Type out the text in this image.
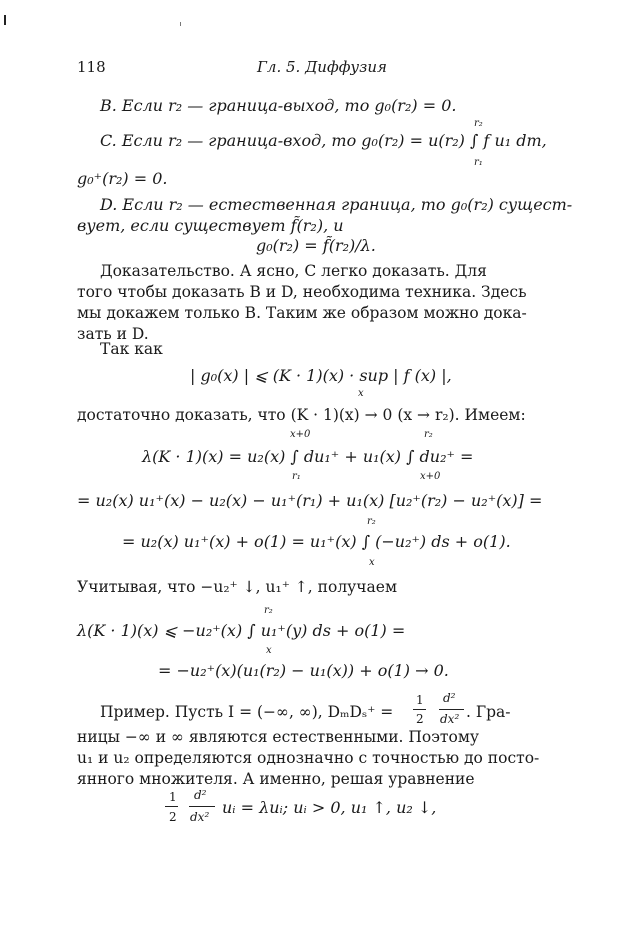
118	Гл. 5. Диффузия
B. Если r₂ — граница-выход, то g₀(r₂) = 0.
C. Если r₂ — граница-вход, то g₀(r₂) = u(r₂) ∫ f u₁ dm,
r₂
r₁
g₀⁺(r₂) = 0.
D. Если r₂ — естественная граница, то g₀(r₂) сущест-
вует, если существует f̃(r₂), и
g₀(r₂) = f̃(r₂)/λ.
Доказательство. А ясно, С легко доказать. Для
того чтобы доказать В и D, необходима техника. Здесь
мы докажем только В. Таким же образом можно дока-
зать и D.
Так как
| g₀(x) | ⩽ (K · 1)(x) · sup | f (x) |,
x
достаточно доказать, что (K · 1)(x) → 0 (x → r₂). Имеем:
λ(K · 1)(x) = u₂(x) ∫ du₁⁺ + u₁(x) ∫ du₂⁺ =
x+0
r₁
r₂
x+0
= u₂(x) u₁⁺(x) − u₂(x) − u₁⁺(r₁) + u₁(x) [u₂⁺(r₂) − u₂⁺(x)] =
= u₂(x) u₁⁺(x) + o(1) = u₁⁺(x) ∫ (−u₂⁺) ds + o(1).
r₂
x
Учитывая, что −u₂⁺ ↓, u₁⁺ ↑, получаем
λ(K · 1)(x) ⩽ −u₂⁺(x) ∫ u₁⁺(y) ds + o(1) =
r₂
x
= −u₂⁺(x)(u₁(r₂) − u₁(x)) + o(1) → 0.
Пример. Пусть I = (−∞, ∞), DₘDₛ⁺ =
1
2
d²
dx² . Гра-
ницы −∞ и ∞ являются естественными. Поэтому
u₁ и u₂ определяются однозначно с точностью до посто-
янного множителя. А именно, решая уравнение
1
2
d²
dx² uᵢ = λuᵢ; uᵢ > 0, u₁ ↑, u₂ ↓,
